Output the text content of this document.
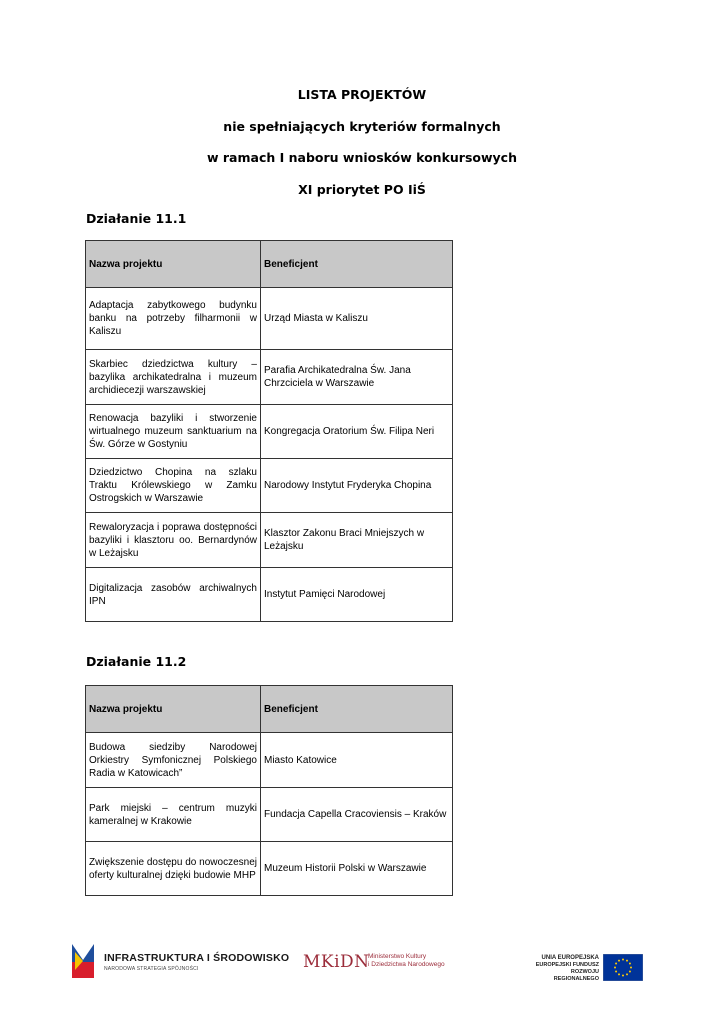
LISTA PROJEKTÓW
nie spełniających kryteriów formalnych
w ramach I naboru wniosków konkursowych
XI priorytet PO IiŚ
Działanie 11.1
Nazwa projektu	Beneficjent
Adaptacja zabytkowego budynku banku na potrzeby filharmonii w Kaliszu	Urząd Miasta w Kaliszu
Skarbiec dziedzictwa kultury – bazylika archikatedralna i muzeum archidiecezji warszawskiej	Parafia Archikatedralna Św. Jana Chrzciciela w Warszawie
Renowacja bazyliki i stworzenie wirtualnego muzeum sanktuarium na Św. Górze w Gostyniu	Kongregacja Oratorium Św. Filipa Neri
Dziedzictwo Chopina na szlaku Traktu Królewskiego w Zamku Ostrogskich w Warszawie	Narodowy Instytut Fryderyka Chopina
Rewaloryzacja i poprawa dostępności bazyliki i klasztoru oo. Bernardynów w Leżajsku	Klasztor Zakonu Braci Mniejszych w Leżajsku
Digitalizacja zasobów archiwalnych IPN	Instytut Pamięci Narodowej
Działanie 11.2
Nazwa projektu	Beneficjent
Budowa siedziby Narodowej Orkiestry Symfonicznej Polskiego Radia w Katowicach”	Miasto Katowice
Park miejski – centrum muzyki kameralnej w Krakowie	Fundacja Capella Cracoviensis – Kraków
Zwiększenie dostępu do nowoczesnej oferty kulturalnej dzięki budowie MHP	Muzeum Historii Polski w Warszawie
INFRASTRUKTURA I ŚRODOWISKO
NARODOWA STRATEGIA SPÓJNOŚCI	MKiDN
Ministerstwo Kultury
i Dziedzictwa Narodowego
UNIA EUROPEJSKA
EUROPEJSKI FUNDUSZ
ROZWOJU REGIONALNEGO
